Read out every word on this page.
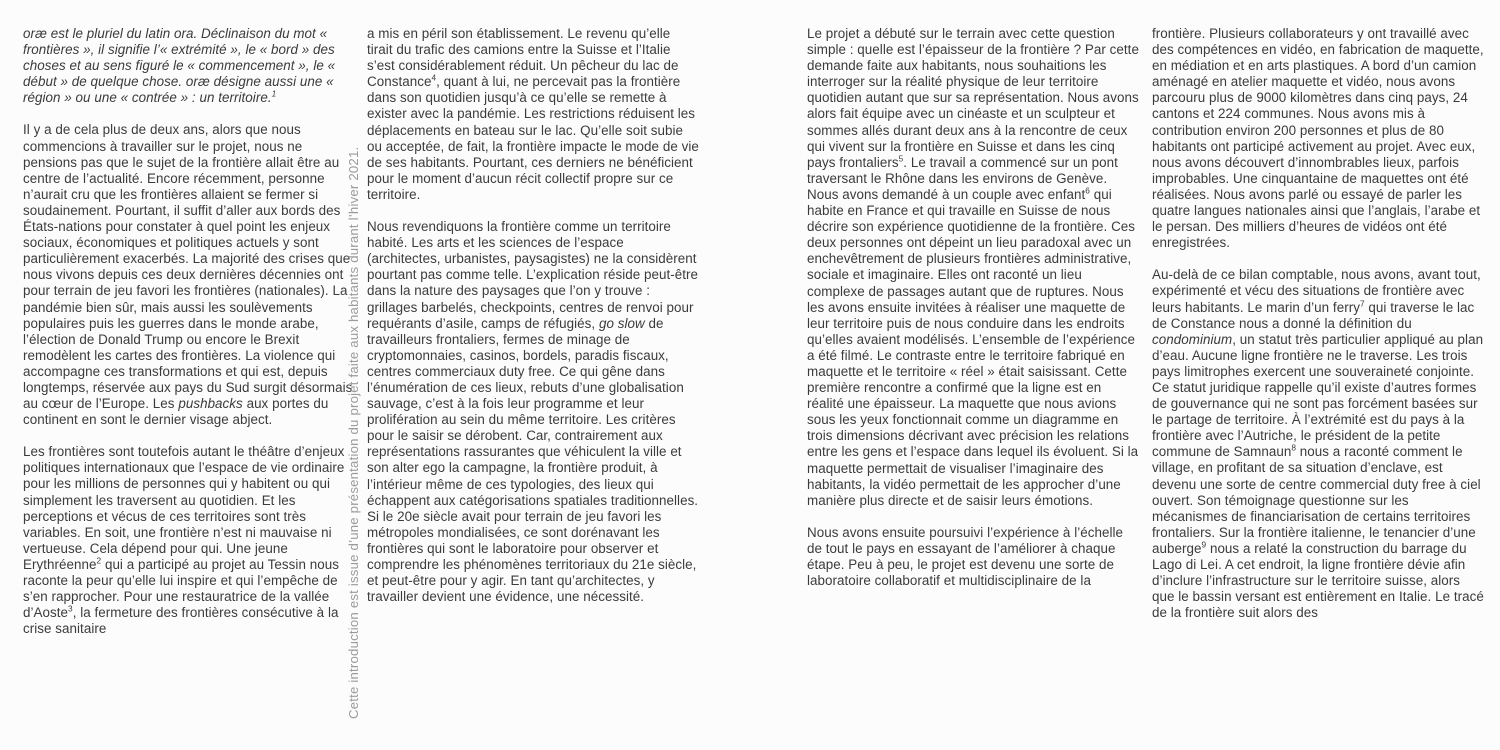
oræ est le pluriel du latin ora. Déclinaison du mot « frontières », il signifie l’« extrémité », le « bord » des choses et au sens figuré le « commencement », le « début » de quelque chose. oræ désigne aussi une « région » ou une « contrée » : un territoire.$^1$

Il y a de cela plus de deux ans, alors que nous commencions à travailler sur le projet, nous ne pensions pas que le sujet de la frontière allait être au centre de l’actualité. Encore récemment, personne n’aurait cru que les frontières allaient se fermer si soudainement. Pourtant, il suffit d’aller aux bords des États-nations pour constater à quel point les enjeux sociaux, économiques et politiques actuels y sont particulièrement exacerbés. La majorité des crises que nous vivons depuis ces deux dernières décennies ont pour terrain de jeu favori les frontières (nationales). La pandémie bien sûr, mais aussi les soulèvements populaires puis les guerres dans le monde arabe, l’élection de Donald Trump ou encore le Brexit remodèlent les cartes des frontières. La violence qui accompagne ces transformations et qui est, depuis longtemps, réservée aux pays du Sud surgit désormais au cœur de l’Europe. Les pushbacks aux portes du continent en sont le dernier visage abject.

Les frontières sont toutefois autant le théâtre d’enjeux politiques internationaux que l’espace de vie ordinaire pour les millions de personnes qui y habitent ou qui simplement les traversent au quotidien. Et les perceptions et vécus de ces territoires sont très variables. En soit, une frontière n’est ni mauvaise ni vertueuse. Cela dépend pour qui. Une jeune Erythréenne$^2$ qui a participé au projet au Tessin nous raconte la peur qu’elle lui inspire et qui l’empêche de s’en rapprocher. Pour une restauratrice de la vallée d’Aoste$^3$, la fermeture des frontières consécutive à la crise sanitaire

a mis en péril son établissement. Le revenu qu’elle tirait du trafic des camions entre la Suisse et l’Italie s’est considérablement réduit. Un pêcheur du lac de Constance$^4$, quant à lui, ne percevait pas la frontière dans son quotidien jusqu’à ce qu’elle se remette à exister avec la pandémie. Les restrictions réduisent les déplacements en bateau sur le lac. Qu’elle soit subie ou acceptée, de fait, la frontière impacte le mode de vie de ses habitants. Pourtant, ces derniers ne bénéficient pour le moment d’aucun récit collectif propre sur ce territoire.

Nous revendiquons la frontière comme un territoire habité. Les arts et les sciences de l’espace (architectes, urbanistes, paysagistes) ne la considèrent pourtant pas comme telle. L’explication réside peut-être dans la nature des paysages que l’on y trouve : grillages barbelés, checkpoints, centres de renvoi pour requérants d’asile, camps de réfugiés, go slow de travailleurs frontaliers, fermes de minage de cryptomonnaies, casinos, bordels, paradis fiscaux, centres commerciaux duty free. Ce qui gêne dans l’énumération de ces lieux, rebuts d’une globalisation sauvage, c’est à la fois leur programme et leur prolifération au sein du même territoire. Les critères pour le saisir se dérobent. Car, contrairement aux représentations rassurantes que véhiculent la ville et son alter ego la campagne, la frontière produit, à l’intérieur même de ces typologies, des lieux qui échappent aux catégorisations spatiales traditionnelles. Si le 20e siècle avait pour terrain de jeu favori les métropoles mondialisées, ce sont dorénavant les frontières qui sont le laboratoire pour observer et comprendre les phénomènes territoriaux du 21e siècle, et peut-être pour y agir. En tant qu’architectes, y travailler devient une évidence, une nécessité.

Le projet a débuté sur le terrain avec cette question simple : quelle est l’épaisseur de la frontière ? Par cette demande faite aux habitants, nous souhaitions les interroger sur la réalité physique de leur territoire quotidien autant que sur sa représentation. Nous avons alors fait équipe avec un cinéaste et un sculpteur et sommes allés durant deux ans à la rencontre de ceux qui vivent sur la frontière en Suisse et dans les cinq pays frontaliers$^5$. Le travail a commencé sur un pont traversant le Rhône dans les environs de Genève. Nous avons demandé à un couple avec enfant$^6$ qui habite en France et qui travaille en Suisse de nous décrire son expérience quotidienne de la frontière. Ces deux personnes ont dépeint un lieu paradoxal avec un enchevêtrement de plusieurs frontières administrative, sociale et imaginaire. Elles ont raconté un lieu complexe de passages autant que de ruptures. Nous les avons ensuite invitées à réaliser une maquette de leur territoire puis de nous conduire dans les endroits qu’elles avaient modélisés. L’ensemble de l’expérience a été filmé. Le contraste entre le territoire fabriqué en maquette et le territoire « réel » était saisissant. Cette première rencontre a confirmé que la ligne est en réalité une épaisseur. La maquette que nous avions sous les yeux fonctionnait comme un diagramme en trois dimensions décrivant avec précision les relations entre les gens et l’espace dans lequel ils évoluent. Si la maquette permettait de visualiser l’imaginaire des habitants, la vidéo permettait de les approcher d’une manière plus directe et de saisir leurs émotions.

Nous avons ensuite poursuivi l’expérience à l’échelle de tout le pays en essayant de l’améliorer à chaque étape. Peu à peu, le projet est devenu une sorte de laboratoire collaboratif et multidisciplinaire de la

frontière. Plusieurs collaborateurs y ont travaillé avec des compétences en vidéo, en fabrication de maquette, en médiation et en arts plastiques. A bord d’un camion aménagé en atelier maquette et vidéo, nous avons parcouru plus de 9000 kilomètres dans cinq pays, 24 cantons et 224 communes. Nous avons mis à contribution environ 200 personnes et plus de 80 habitants ont participé activement au projet. Avec eux, nous avons découvert d’innombrables lieux, parfois improbables. Une cinquantaine de maquettes ont été réalisées. Nous avons parlé ou essayé de parler les quatre langues nationales ainsi que l’anglais, l’arabe et le persan. Des milliers d’heures de vidéos ont été enregistrées.

Au-delà de ce bilan comptable, nous avons, avant tout, expérimenté et vécu des situations de frontière avec leurs habitants. Le marin d’un ferry$^7$ qui traverse le lac de Constance nous a donné la définition du condominium, un statut très particulier appliqué au plan d’eau. Aucune ligne frontière ne le traverse. Les trois pays limitrophes exercent une souveraineté conjointe. Ce statut juridique rappelle qu’il existe d’autres formes de gouvernance qui ne sont pas forcément basées sur le partage de territoire. À l’extrémité est du pays à la frontière avec l’Autriche, le président de la petite commune de Samnaun$^8$ nous a raconté comment le village, en profitant de sa situation d’enclave, est devenu une sorte de centre commercial duty free à ciel ouvert. Son témoignage questionne sur les mécanismes de financiarisation de certains territoires frontaliers. Sur la frontière italienne, le tenancier d’une auberge$^9$ nous a relaté la construction du barrage du Lago di Lei. A cet endroit, la ligne frontière dévie afin d’inclure l’infrastructure sur le territoire suisse, alors que le bassin versant est entièrement en Italie. Le tracé de la frontière suit alors des

Cette introduction est issue d’une présentation du projet faite aux habitants durant l’hiver 2021.
